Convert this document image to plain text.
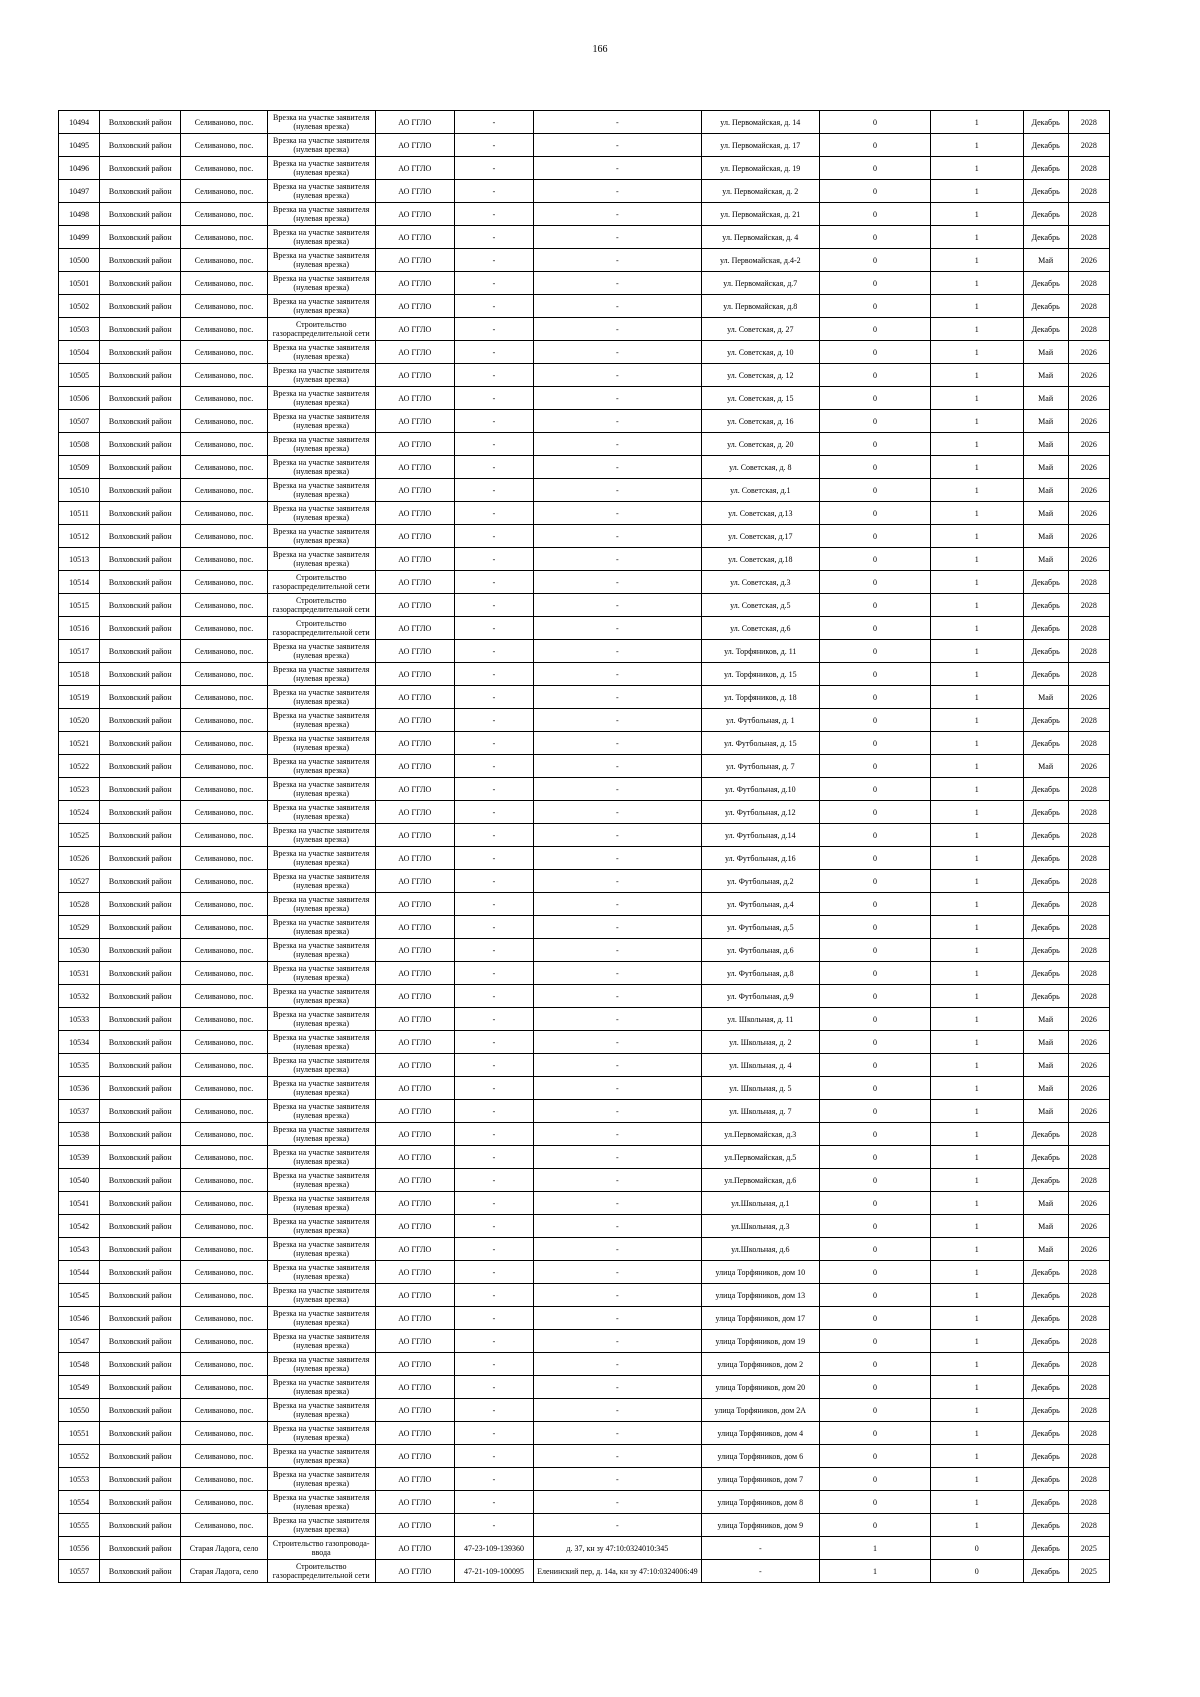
166
10494	Волховский район	Селиваново, пос.	Врезка на участке заявителя (нулевая врезка)	АО ГГЛО	-	-	ул. Первомайская, д. 14	0	1	Декабрь	2028
10495	Волховский район	Селиваново, пос.	Врезка на участке заявителя (нулевая врезка)	АО ГГЛО	-	-	ул. Первомайская, д. 17	0	1	Декабрь	2028
10496	Волховский район	Селиваново, пос.	Врезка на участке заявителя (нулевая врезка)	АО ГГЛО	-	-	ул. Первомайская, д. 19	0	1	Декабрь	2028
10497	Волховский район	Селиваново, пос.	Врезка на участке заявителя (нулевая врезка)	АО ГГЛО	-	-	ул. Первомайская, д. 2	0	1	Декабрь	2028
10498	Волховский район	Селиваново, пос.	Врезка на участке заявителя (нулевая врезка)	АО ГГЛО	-	-	ул. Первомайская, д. 21	0	1	Декабрь	2028
10499	Волховский район	Селиваново, пос.	Врезка на участке заявителя (нулевая врезка)	АО ГГЛО	-	-	ул. Первомайская, д. 4	0	1	Декабрь	2028
10500	Волховский район	Селиваново, пос.	Врезка на участке заявителя (нулевая врезка)	АО ГГЛО	-	-	ул. Первомайская, д.4-2	0	1	Май	2026
10501	Волховский район	Селиваново, пос.	Врезка на участке заявителя (нулевая врезка)	АО ГГЛО	-	-	ул. Первомайская, д.7	0	1	Декабрь	2028
10502	Волховский район	Селиваново, пос.	Врезка на участке заявителя (нулевая врезка)	АО ГГЛО	-	-	ул. Первомайская, д.8	0	1	Декабрь	2028
10503	Волховский район	Селиваново, пос.	Строительство газораспределительной сети	АО ГГЛО	-	-	ул. Советская, д. 27	0	1	Декабрь	2028
10504	Волховский район	Селиваново, пос.	Врезка на участке заявителя (нулевая врезка)	АО ГГЛО	-	-	ул. Советская, д. 10	0	1	Май	2026
10505	Волховский район	Селиваново, пос.	Врезка на участке заявителя (нулевая врезка)	АО ГГЛО	-	-	ул. Советская, д. 12	0	1	Май	2026
10506	Волховский район	Селиваново, пос.	Врезка на участке заявителя (нулевая врезка)	АО ГГЛО	-	-	ул. Советская, д. 15	0	1	Май	2026
10507	Волховский район	Селиваново, пос.	Врезка на участке заявителя (нулевая врезка)	АО ГГЛО	-	-	ул. Советская, д. 16	0	1	Май	2026
10508	Волховский район	Селиваново, пос.	Врезка на участке заявителя (нулевая врезка)	АО ГГЛО	-	-	ул. Советская, д. 20	0	1	Май	2026
10509	Волховский район	Селиваново, пос.	Врезка на участке заявителя (нулевая врезка)	АО ГГЛО	-	-	ул. Советская, д. 8	0	1	Май	2026
10510	Волховский район	Селиваново, пос.	Врезка на участке заявителя (нулевая врезка)	АО ГГЛО	-	-	ул. Советская, д.1	0	1	Май	2026
10511	Волховский район	Селиваново, пос.	Врезка на участке заявителя (нулевая врезка)	АО ГГЛО	-	-	ул. Советская, д.13	0	1	Май	2026
10512	Волховский район	Селиваново, пос.	Врезка на участке заявителя (нулевая врезка)	АО ГГЛО	-	-	ул. Советская, д.17	0	1	Май	2026
10513	Волховский район	Селиваново, пос.	Врезка на участке заявителя (нулевая врезка)	АО ГГЛО	-	-	ул. Советская, д.18	0	1	Май	2026
10514	Волховский район	Селиваново, пос.	Строительство газораспределительной сети	АО ГГЛО	-	-	ул. Советская, д.3	0	1	Декабрь	2028
10515	Волховский район	Селиваново, пос.	Строительство газораспределительной сети	АО ГГЛО	-	-	ул. Советская, д.5	0	1	Декабрь	2028
10516	Волховский район	Селиваново, пос.	Строительство газораспределительной сети	АО ГГЛО	-	-	ул. Советская, д.6	0	1	Декабрь	2028
10517	Волховский район	Селиваново, пос.	Врезка на участке заявителя (нулевая врезка)	АО ГГЛО	-	-	ул. Торфяников, д. 11	0	1	Декабрь	2028
10518	Волховский район	Селиваново, пос.	Врезка на участке заявителя (нулевая врезка)	АО ГГЛО	-	-	ул. Торфяников, д. 15	0	1	Декабрь	2028
10519	Волховский район	Селиваново, пос.	Врезка на участке заявителя (нулевая врезка)	АО ГГЛО	-	-	ул. Торфяников, д. 18	0	1	Май	2026
10520	Волховский район	Селиваново, пос.	Врезка на участке заявителя (нулевая врезка)	АО ГГЛО	-	-	ул. Футбольная, д. 1	0	1	Декабрь	2028
10521	Волховский район	Селиваново, пос.	Врезка на участке заявителя (нулевая врезка)	АО ГГЛО	-	-	ул. Футбольная, д. 15	0	1	Декабрь	2028
10522	Волховский район	Селиваново, пос.	Врезка на участке заявителя (нулевая врезка)	АО ГГЛО	-	-	ул. Футбольная, д. 7	0	1	Май	2026
10523	Волховский район	Селиваново, пос.	Врезка на участке заявителя (нулевая врезка)	АО ГГЛО	-	-	ул. Футбольная, д.10	0	1	Декабрь	2028
10524	Волховский район	Селиваново, пос.	Врезка на участке заявителя (нулевая врезка)	АО ГГЛО	-	-	ул. Футбольная, д.12	0	1	Декабрь	2028
10525	Волховский район	Селиваново, пос.	Врезка на участке заявителя (нулевая врезка)	АО ГГЛО	-	-	ул. Футбольная, д.14	0	1	Декабрь	2028
10526	Волховский район	Селиваново, пос.	Врезка на участке заявителя (нулевая врезка)	АО ГГЛО	-	-	ул. Футбольная, д.16	0	1	Декабрь	2028
10527	Волховский район	Селиваново, пос.	Врезка на участке заявителя (нулевая врезка)	АО ГГЛО	-	-	ул. Футбольная, д.2	0	1	Декабрь	2028
10528	Волховский район	Селиваново, пос.	Врезка на участке заявителя (нулевая врезка)	АО ГГЛО	-	-	ул. Футбольная, д.4	0	1	Декабрь	2028
10529	Волховский район	Селиваново, пос.	Врезка на участке заявителя (нулевая врезка)	АО ГГЛО	-	-	ул. Футбольная, д.5	0	1	Декабрь	2028
10530	Волховский район	Селиваново, пос.	Врезка на участке заявителя (нулевая врезка)	АО ГГЛО	-	-	ул. Футбольная, д.6	0	1	Декабрь	2028
10531	Волховский район	Селиваново, пос.	Врезка на участке заявителя (нулевая врезка)	АО ГГЛО	-	-	ул. Футбольная, д.8	0	1	Декабрь	2028
10532	Волховский район	Селиваново, пос.	Врезка на участке заявителя (нулевая врезка)	АО ГГЛО	-	-	ул. Футбольная, д.9	0	1	Декабрь	2028
10533	Волховский район	Селиваново, пос.	Врезка на участке заявителя (нулевая врезка)	АО ГГЛО	-	-	ул. Школьная, д. 11	0	1	Май	2026
10534	Волховский район	Селиваново, пос.	Врезка на участке заявителя (нулевая врезка)	АО ГГЛО	-	-	ул. Школьная, д. 2	0	1	Май	2026
10535	Волховский район	Селиваново, пос.	Врезка на участке заявителя (нулевая врезка)	АО ГГЛО	-	-	ул. Школьная, д. 4	0	1	Май	2026
10536	Волховский район	Селиваново, пос.	Врезка на участке заявителя (нулевая врезка)	АО ГГЛО	-	-	ул. Школьная, д. 5	0	1	Май	2026
10537	Волховский район	Селиваново, пос.	Врезка на участке заявителя (нулевая врезка)	АО ГГЛО	-	-	ул. Школьная, д. 7	0	1	Май	2026
10538	Волховский район	Селиваново, пос.	Врезка на участке заявителя (нулевая врезка)	АО ГГЛО	-	-	ул.Первомайская, д.3	0	1	Декабрь	2028
10539	Волховский район	Селиваново, пос.	Врезка на участке заявителя (нулевая врезка)	АО ГГЛО	-	-	ул.Первомайская, д.5	0	1	Декабрь	2028
10540	Волховский район	Селиваново, пос.	Врезка на участке заявителя (нулевая врезка)	АО ГГЛО	-	-	ул.Первомайская, д.6	0	1	Декабрь	2028
10541	Волховский район	Селиваново, пос.	Врезка на участке заявителя (нулевая врезка)	АО ГГЛО	-	-	ул.Школьная, д.1	0	1	Май	2026
10542	Волховский район	Селиваново, пос.	Врезка на участке заявителя (нулевая врезка)	АО ГГЛО	-	-	ул.Школьная, д.3	0	1	Май	2026
10543	Волховский район	Селиваново, пос.	Врезка на участке заявителя (нулевая врезка)	АО ГГЛО	-	-	ул.Школьная, д.6	0	1	Май	2026
10544	Волховский район	Селиваново, пос.	Врезка на участке заявителя (нулевая врезка)	АО ГГЛО	-	-	улица Торфяников, дом 10	0	1	Декабрь	2028
10545	Волховский район	Селиваново, пос.	Врезка на участке заявителя (нулевая врезка)	АО ГГЛО	-	-	улица Торфяников, дом 13	0	1	Декабрь	2028
10546	Волховский район	Селиваново, пос.	Врезка на участке заявителя (нулевая врезка)	АО ГГЛО	-	-	улица Торфяников, дом 17	0	1	Декабрь	2028
10547	Волховский район	Селиваново, пос.	Врезка на участке заявителя (нулевая врезка)	АО ГГЛО	-	-	улица Торфяников, дом 19	0	1	Декабрь	2028
10548	Волховский район	Селиваново, пос.	Врезка на участке заявителя (нулевая врезка)	АО ГГЛО	-	-	улица Торфяников, дом 2	0	1	Декабрь	2028
10549	Волховский район	Селиваново, пос.	Врезка на участке заявителя (нулевая врезка)	АО ГГЛО	-	-	улица Торфяников, дом 20	0	1	Декабрь	2028
10550	Волховский район	Селиваново, пос.	Врезка на участке заявителя (нулевая врезка)	АО ГГЛО	-	-	улица Торфяников, дом 2А	0	1	Декабрь	2028
10551	Волховский район	Селиваново, пос.	Врезка на участке заявителя (нулевая врезка)	АО ГГЛО	-	-	улица Торфяников, дом 4	0	1	Декабрь	2028
10552	Волховский район	Селиваново, пос.	Врезка на участке заявителя (нулевая врезка)	АО ГГЛО	-	-	улица Торфяников, дом 6	0	1	Декабрь	2028
10553	Волховский район	Селиваново, пос.	Врезка на участке заявителя (нулевая врезка)	АО ГГЛО	-	-	улица Торфяников, дом 7	0	1	Декабрь	2028
10554	Волховский район	Селиваново, пос.	Врезка на участке заявителя (нулевая врезка)	АО ГГЛО	-	-	улица Торфяников, дом 8	0	1	Декабрь	2028
10555	Волховский район	Селиваново, пос.	Врезка на участке заявителя (нулевая врезка)	АО ГГЛО	-	-	улица Торфяников, дом 9	0	1	Декабрь	2028
10556	Волховский район	Старая Ладога, село	Строительство газопровода-ввода	АО ГГЛО	47-23-109-139360	д. 37, кн зу 47:10:0324010:345	-	1	0	Декабрь	2025
10557	Волховский район	Старая Ладога, село	Строительство газораспределительной сети	АО ГГЛО	47-21-109-100095	Еленинский пер, д. 14а, кн зу 47:10:0324006:49	-	1	0	Декабрь	2025
